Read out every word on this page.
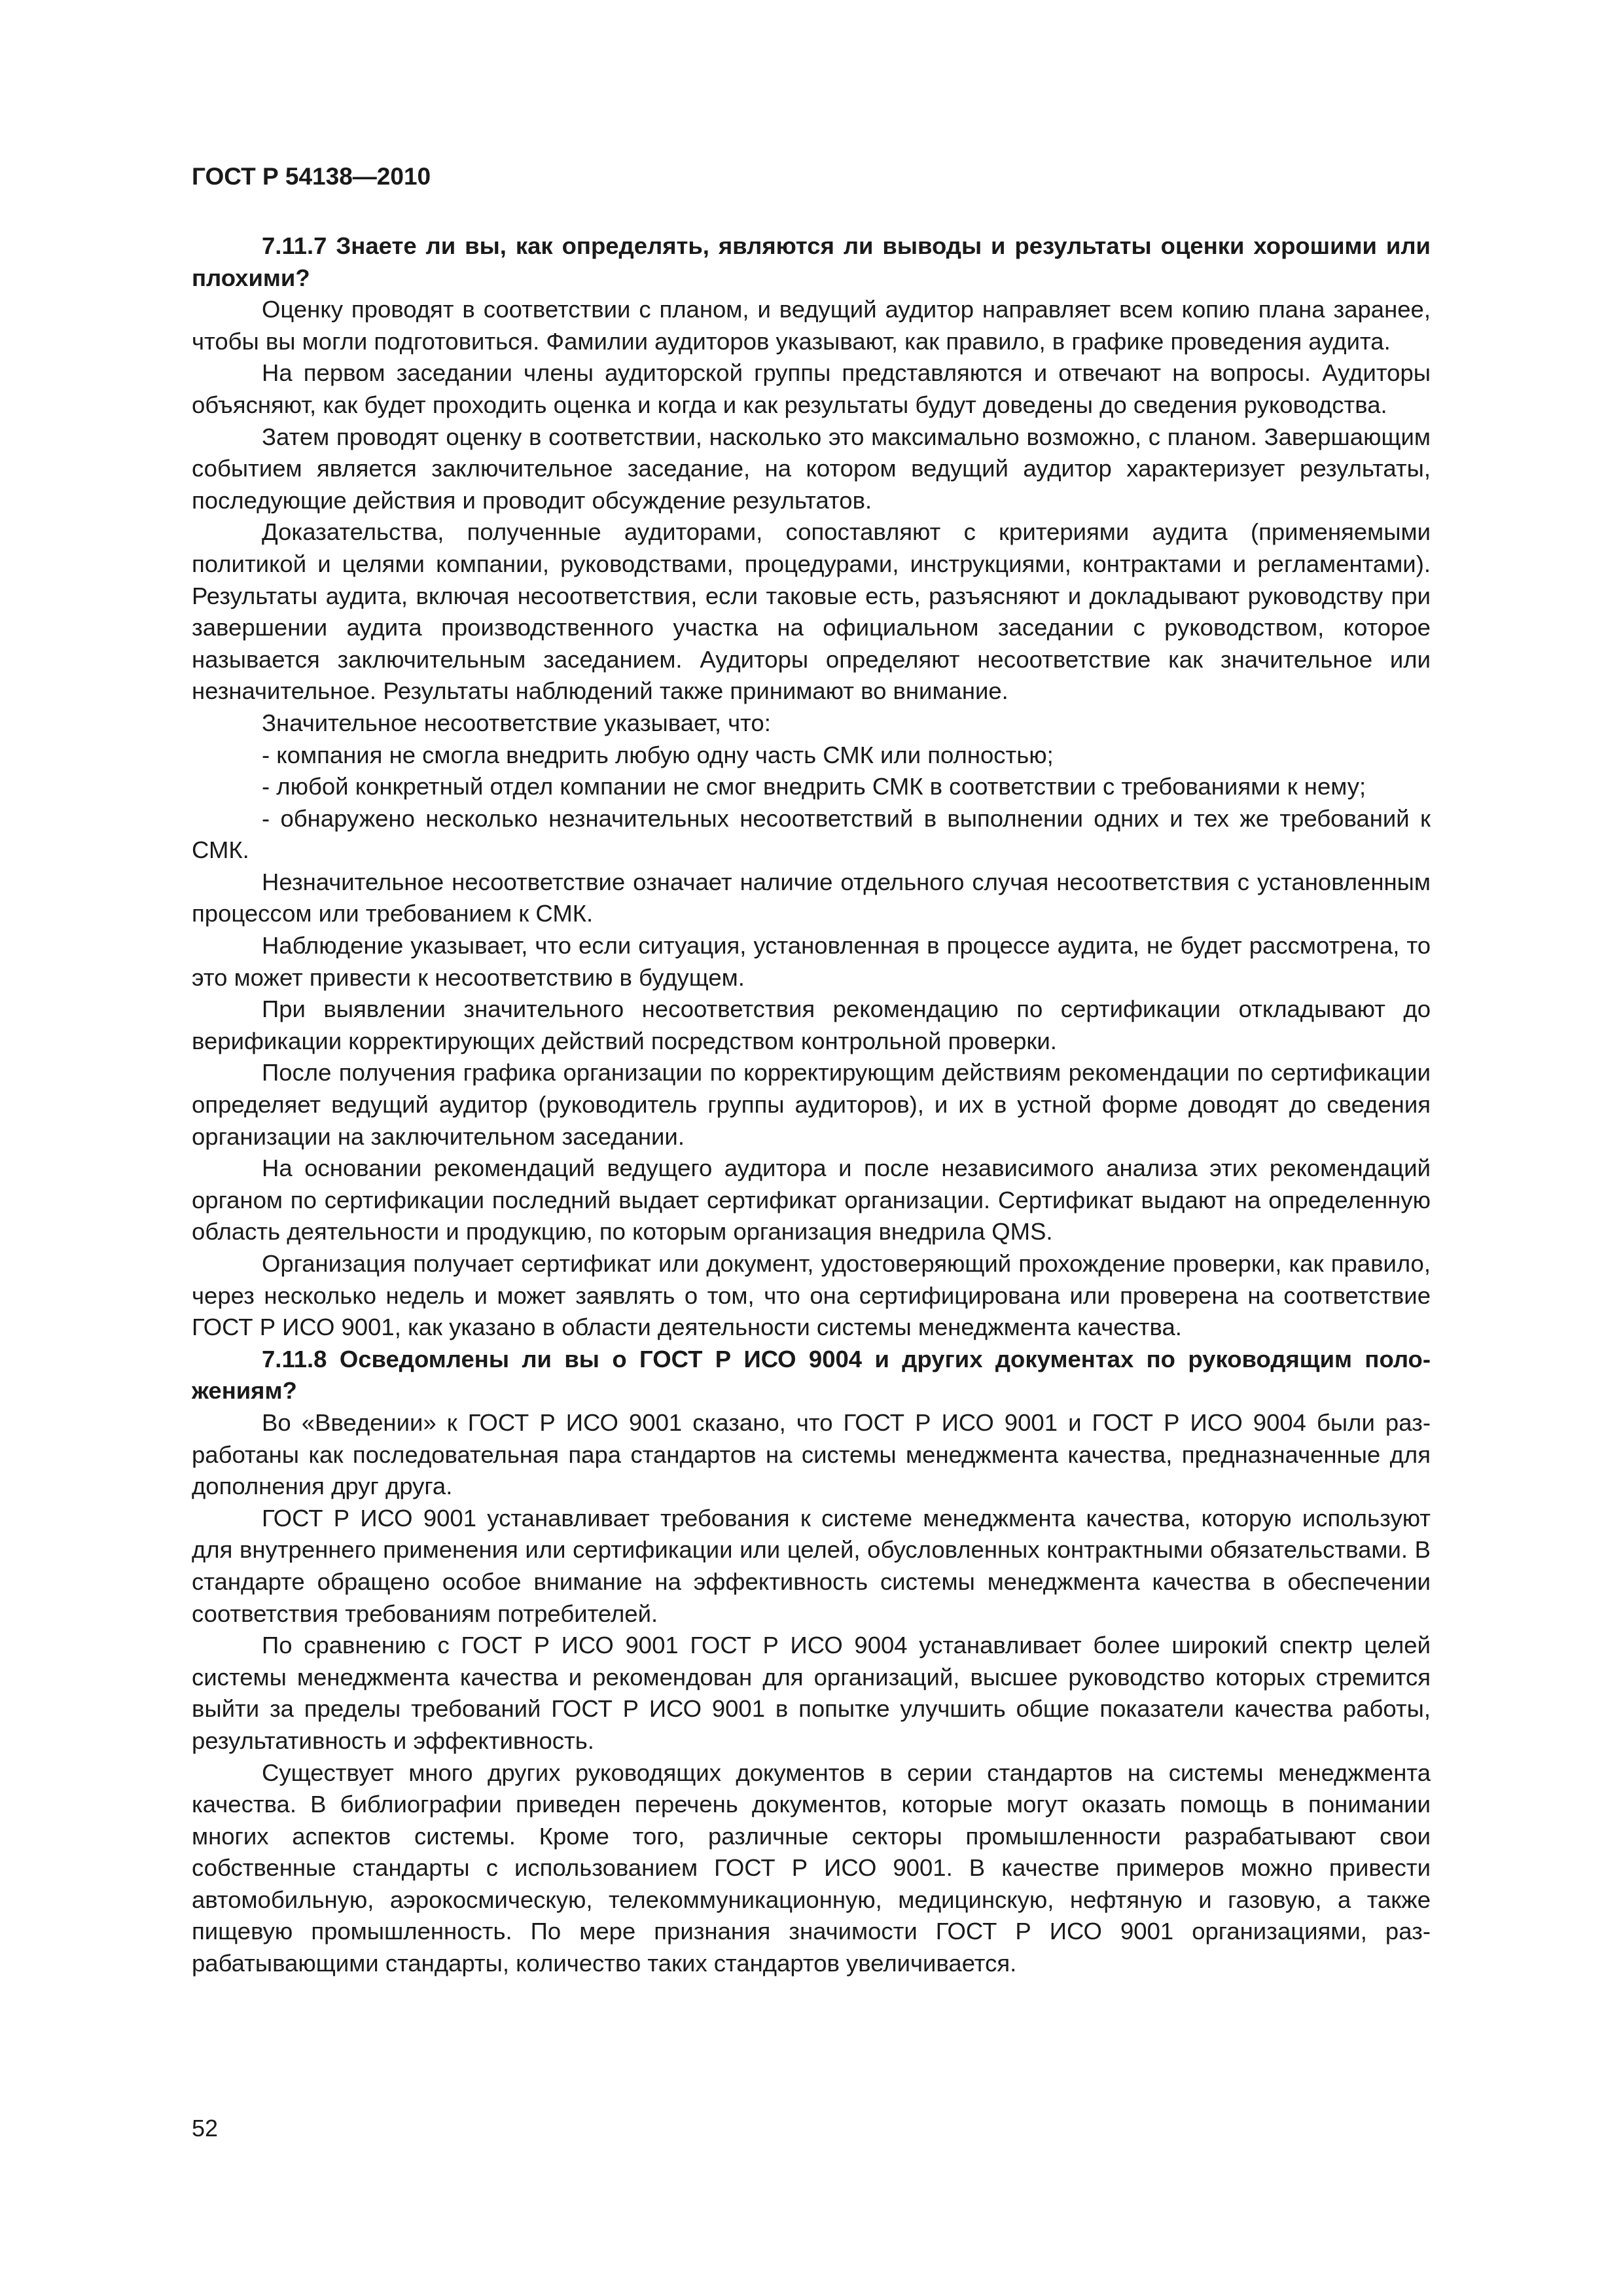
ГОСТ Р 54138—2010

7.11.7 Знаете ли вы, как определять, являются ли выводы и результаты оценки хорошими или плохими?

Оценку проводят в соответствии с планом, и ведущий аудитор направляет всем копию плана заранее, чтобы вы могли подготовиться. Фамилии аудиторов указывают, как правило, в графике проведения аудита.

На первом заседании члены аудиторской группы представляются и отвечают на вопросы. Аудиторы объясняют, как будет проходить оценка и когда и как результаты будут доведены до сведения руководства.

Затем проводят оценку в соответствии, насколько это максимально возможно, с планом. Завершающим событием является заключительное заседание, на котором ведущий аудитор характеризует результаты, последующие действия и проводит обсуждение результатов.

Доказательства, полученные аудиторами, сопоставляют с критериями аудита (применяемыми политикой и целями компании, руководствами, процедурами, инструкциями, контрактами и регламентами). Результаты аудита, включая несоответствия, если таковые есть, разъясняют и докладывают руководству при завершении аудита производственного участка на официальном заседании с руководством, которое называется заключительным заседанием. Аудиторы определяют несоответствие как значительное или незначительное. Результаты наблюдений также принимают во внимание.

Значительное несоответствие указывает, что:

- компания не смогла внедрить любую одну часть СМК или полностью;

- любой конкретный отдел компании не смог внедрить СМК в соответствии с требованиями к нему;

- обнаружено несколько незначительных несоответствий в выполнении одних и тех же требований к СМК.

Незначительное несоответствие означает наличие отдельного случая несоответствия с установленным процессом или требованием к СМК.

Наблюдение указывает, что если ситуация, установленная в процессе аудита, не будет рассмотрена, то это может привести к несоответствию в будущем.

При выявлении значительного несоответствия рекомендацию по сертификации откладывают до верификации корректирующих действий посредством контрольной проверки.

После получения графика организации по корректирующим действиям рекомендации по сертификации определяет ведущий аудитор (руководитель группы аудиторов), и их в устной форме доводят до сведения организации на заключительном заседании.

На основании рекомендаций ведущего аудитора и после независимого анализа этих рекомендаций органом по сертификации последний выдает сертификат организации. Сертификат выдают на определенную область деятельности и продукцию, по которым организация внедрила QMS.

Организация получает сертификат или документ, удостоверяющий прохождение проверки, как правило, через несколько недель и может заявлять о том, что она сертифицирована или проверена на соответствие ГОСТ Р ИСО 9001, как указано в области деятельности системы менеджмента качества.

7.11.8 Осведомлены ли вы о ГОСТ Р ИСО 9004 и других документах по руководящим положениям?

Во «Введении» к ГОСТ Р ИСО 9001 сказано, что ГОСТ Р ИСО 9001 и ГОСТ Р ИСО 9004 были разработаны как последовательная пара стандартов на системы менеджмента качества, предназначенные для дополнения друг друга.

ГОСТ Р ИСО 9001 устанавливает требования к системе менеджмента качества, которую используют для внутреннего применения или сертификации или целей, обусловленных контрактными обязательствами. В стандарте обращено особое внимание на эффективность системы менеджмента качества в обеспечении соответствия требованиям потребителей.

По сравнению с ГОСТ Р ИСО 9001 ГОСТ Р ИСО 9004 устанавливает более широкий спектр целей системы менеджмента качества и рекомендован для организаций, высшее руководство которых стремится выйти за пределы требований ГОСТ Р ИСО 9001 в попытке улучшить общие показатели качества работы, результативность и эффективность.

Существует много других руководящих документов в серии стандартов на системы менеджмента качества. В библиографии приведен перечень документов, которые могут оказать помощь в понимании многих аспектов системы. Кроме того, различные секторы промышленности разрабатывают свои собственные стандарты с использованием ГОСТ Р ИСО 9001. В качестве примеров можно привести автомобильную, аэрокосмическую, телекоммуникационную, медицинскую, нефтяную и газовую, а также пищевую промышленность. По мере признания значимости ГОСТ Р ИСО 9001 организациями, разрабатывающими стандарты, количество таких стандартов увеличивается.

52
